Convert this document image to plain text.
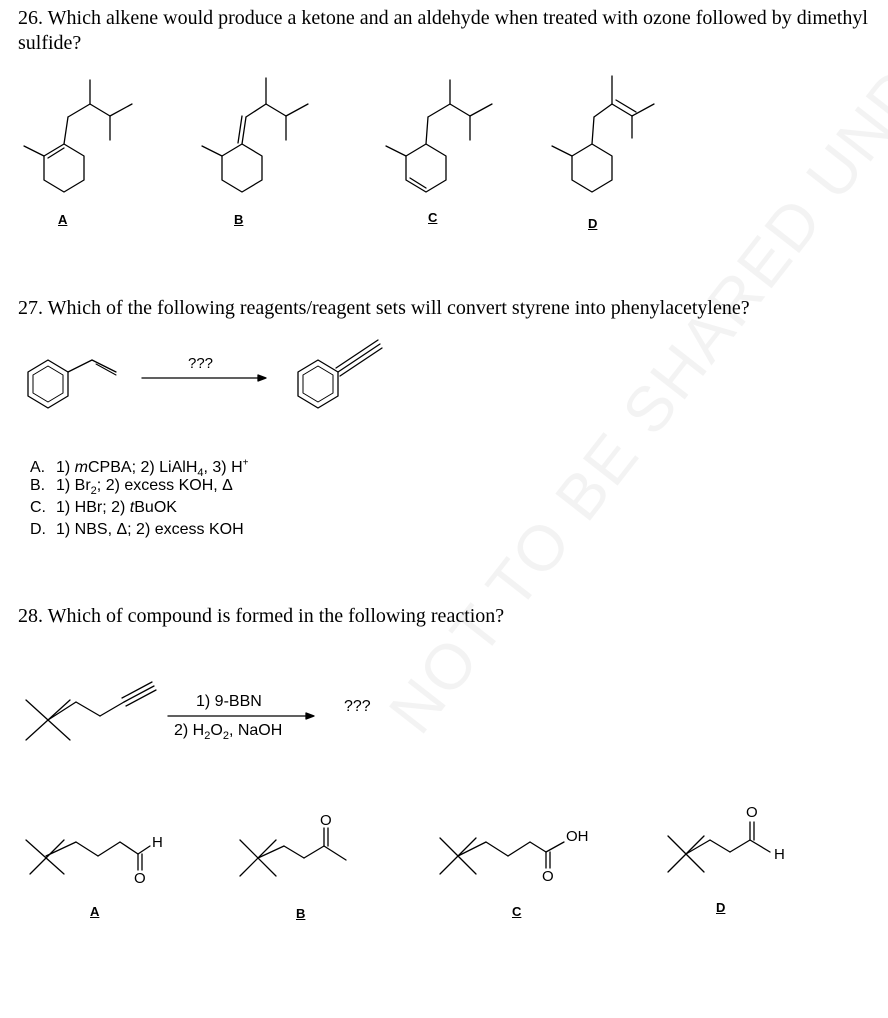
26. Which alkene would produce a ketone and an aldehyde when treated with ozone followed by dimethyl sulfide?
27. Which of the following reagents/reagent sets will convert styrene into phenylacetylene?
28. Which of compound is formed in the following reaction?
A	B	C	D
???
A. 1) mCPBA; 2) LiAlH$_4$, 3) H+
B. 1) $Br_2$; 2) excess KOH, Δ
C. 1) HBr; 2) tBuOK
D. 1) NBS, Δ; 2) excess KOH
1) 9-BBN
2) $H_2O_2$, NaOH
???
H
O
O
OH
O
O
H
A	B	C	D
